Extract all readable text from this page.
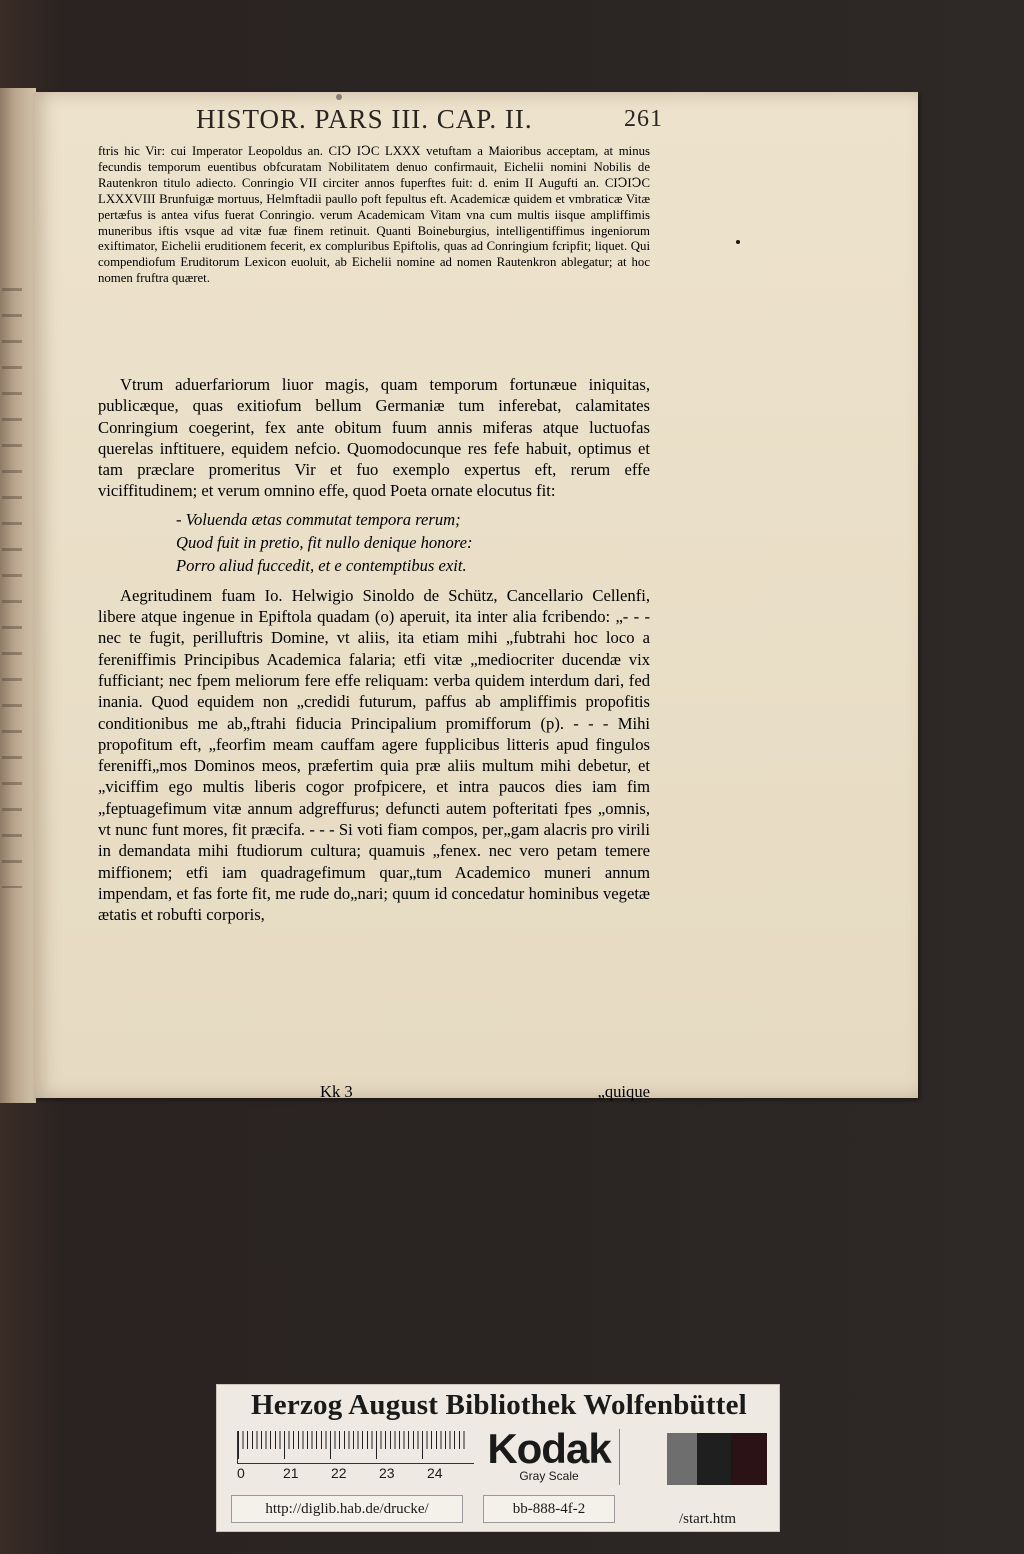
HISTOR. PARS III. CAP. II.	261

ftris hic Vir: cui Imperator Leopoldus an. CIↃ IↃC LXXX vetuftam a Maioribus acceptam, at minus fecundis temporum euentibus obfcuratam Nobilitatem denuo confirmauit, Eichelii nomini Nobilis de Rautenkron titulo adiecto. Conringio VII circiter annos fuperftes fuit: d. enim II Augufti an. CIↃIↃC LXXXVIII Brunfuigæ mortuus, Helmftadii paullo poft fepultus eft. Academicæ quidem et vmbraticæ Vitæ pertæfus is antea vifus fuerat Conringio. verum Academicam Vitam vna cum multis iisque ampliffimis muneribus iftis vsque ad vitæ fuæ finem retinuit. Quanti Boineburgius, intelligentiffimus ingeniorum exiftimator, Eichelii eruditionem fecerit, ex compluribus Epiftolis, quas ad Conringium fcripfit; liquet. Qui compendiofum Eruditorum Lexicon euoluit, ab Eichelii nomine ad nomen Rautenkron ablegatur; at hoc nomen fruftra quæret.

Vtrum aduerfariorum liuor magis, quam temporum fortunæue iniquitas, publicæque, quas exitiofum bellum Germaniæ tum inferebat, calamitates Conringium coegerint, fex ante obitum fuum annis miferas atque luctuofas querelas inftituere, equidem nefcio. Quomodocunque res fefe habuit, optimus et tam præclare promeritus Vir et fuo exemplo expertus eft, rerum effe viciffitudinem; et verum omnino effe, quod Poeta ornate elocutus fit:

- Voluenda ætas commutat tempora rerum;
Quod fuit in pretio, fit nullo denique honore:
Porro aliud fuccedit, et e contemptibus exit.

Aegritudinem fuam Io. Helwigio Sinoldo de Schütz, Cancellario Cellenfi, libere atque ingenue in Epiftola quadam (o) aperuit, ita inter alia fcribendo: „- - - nec te fugit, perilluftris Domine, vt aliis, ita etiam mihi „fubtrahi hoc loco a fereniffimis Principibus Academica falaria; etfi vitæ „mediocriter ducendæ vix fufficiant; nec fpem meliorum fere effe reliquam: verba quidem interdum dari, fed inania. Quod equidem non „credidi futurum, paffus ab ampliffimis propofitis conditionibus me ab„ftrahi fiducia Principalium promifforum (p). - - - Mihi propofitum eft, „feorfim meam cauffam agere fupplicibus litteris apud fingulos fereniffi„mos Dominos meos, præfertim quia præ aliis multum mihi debetur, et „viciffim ego multis liberis cogor profpicere, et intra paucos dies iam fim „feptuagefimum vitæ annum adgreffurus; defuncti autem pofteritati fpes „omnis, vt nunc funt mores, fit præcifa. - - - Si voti fiam compos, per„gam alacris pro virili in demandata mihi ftudiorum cultura; quamuis „fenex. nec vero petam temere miffionem; etfi iam quadragefimum quar„tum Academico muneri annum impendam, et fas forte fit, me rude do„nari; quum id concedatur hominibus vegetæ ætatis et robufti corporis,

Kk 3	„quique
Herzog August Bibliothek Wolfenbüttel
0	21 22 23 24
Kodak
Gray Scale
http://diglib.hab.de/drucke/	bb-888-4f-2
/start.htm
